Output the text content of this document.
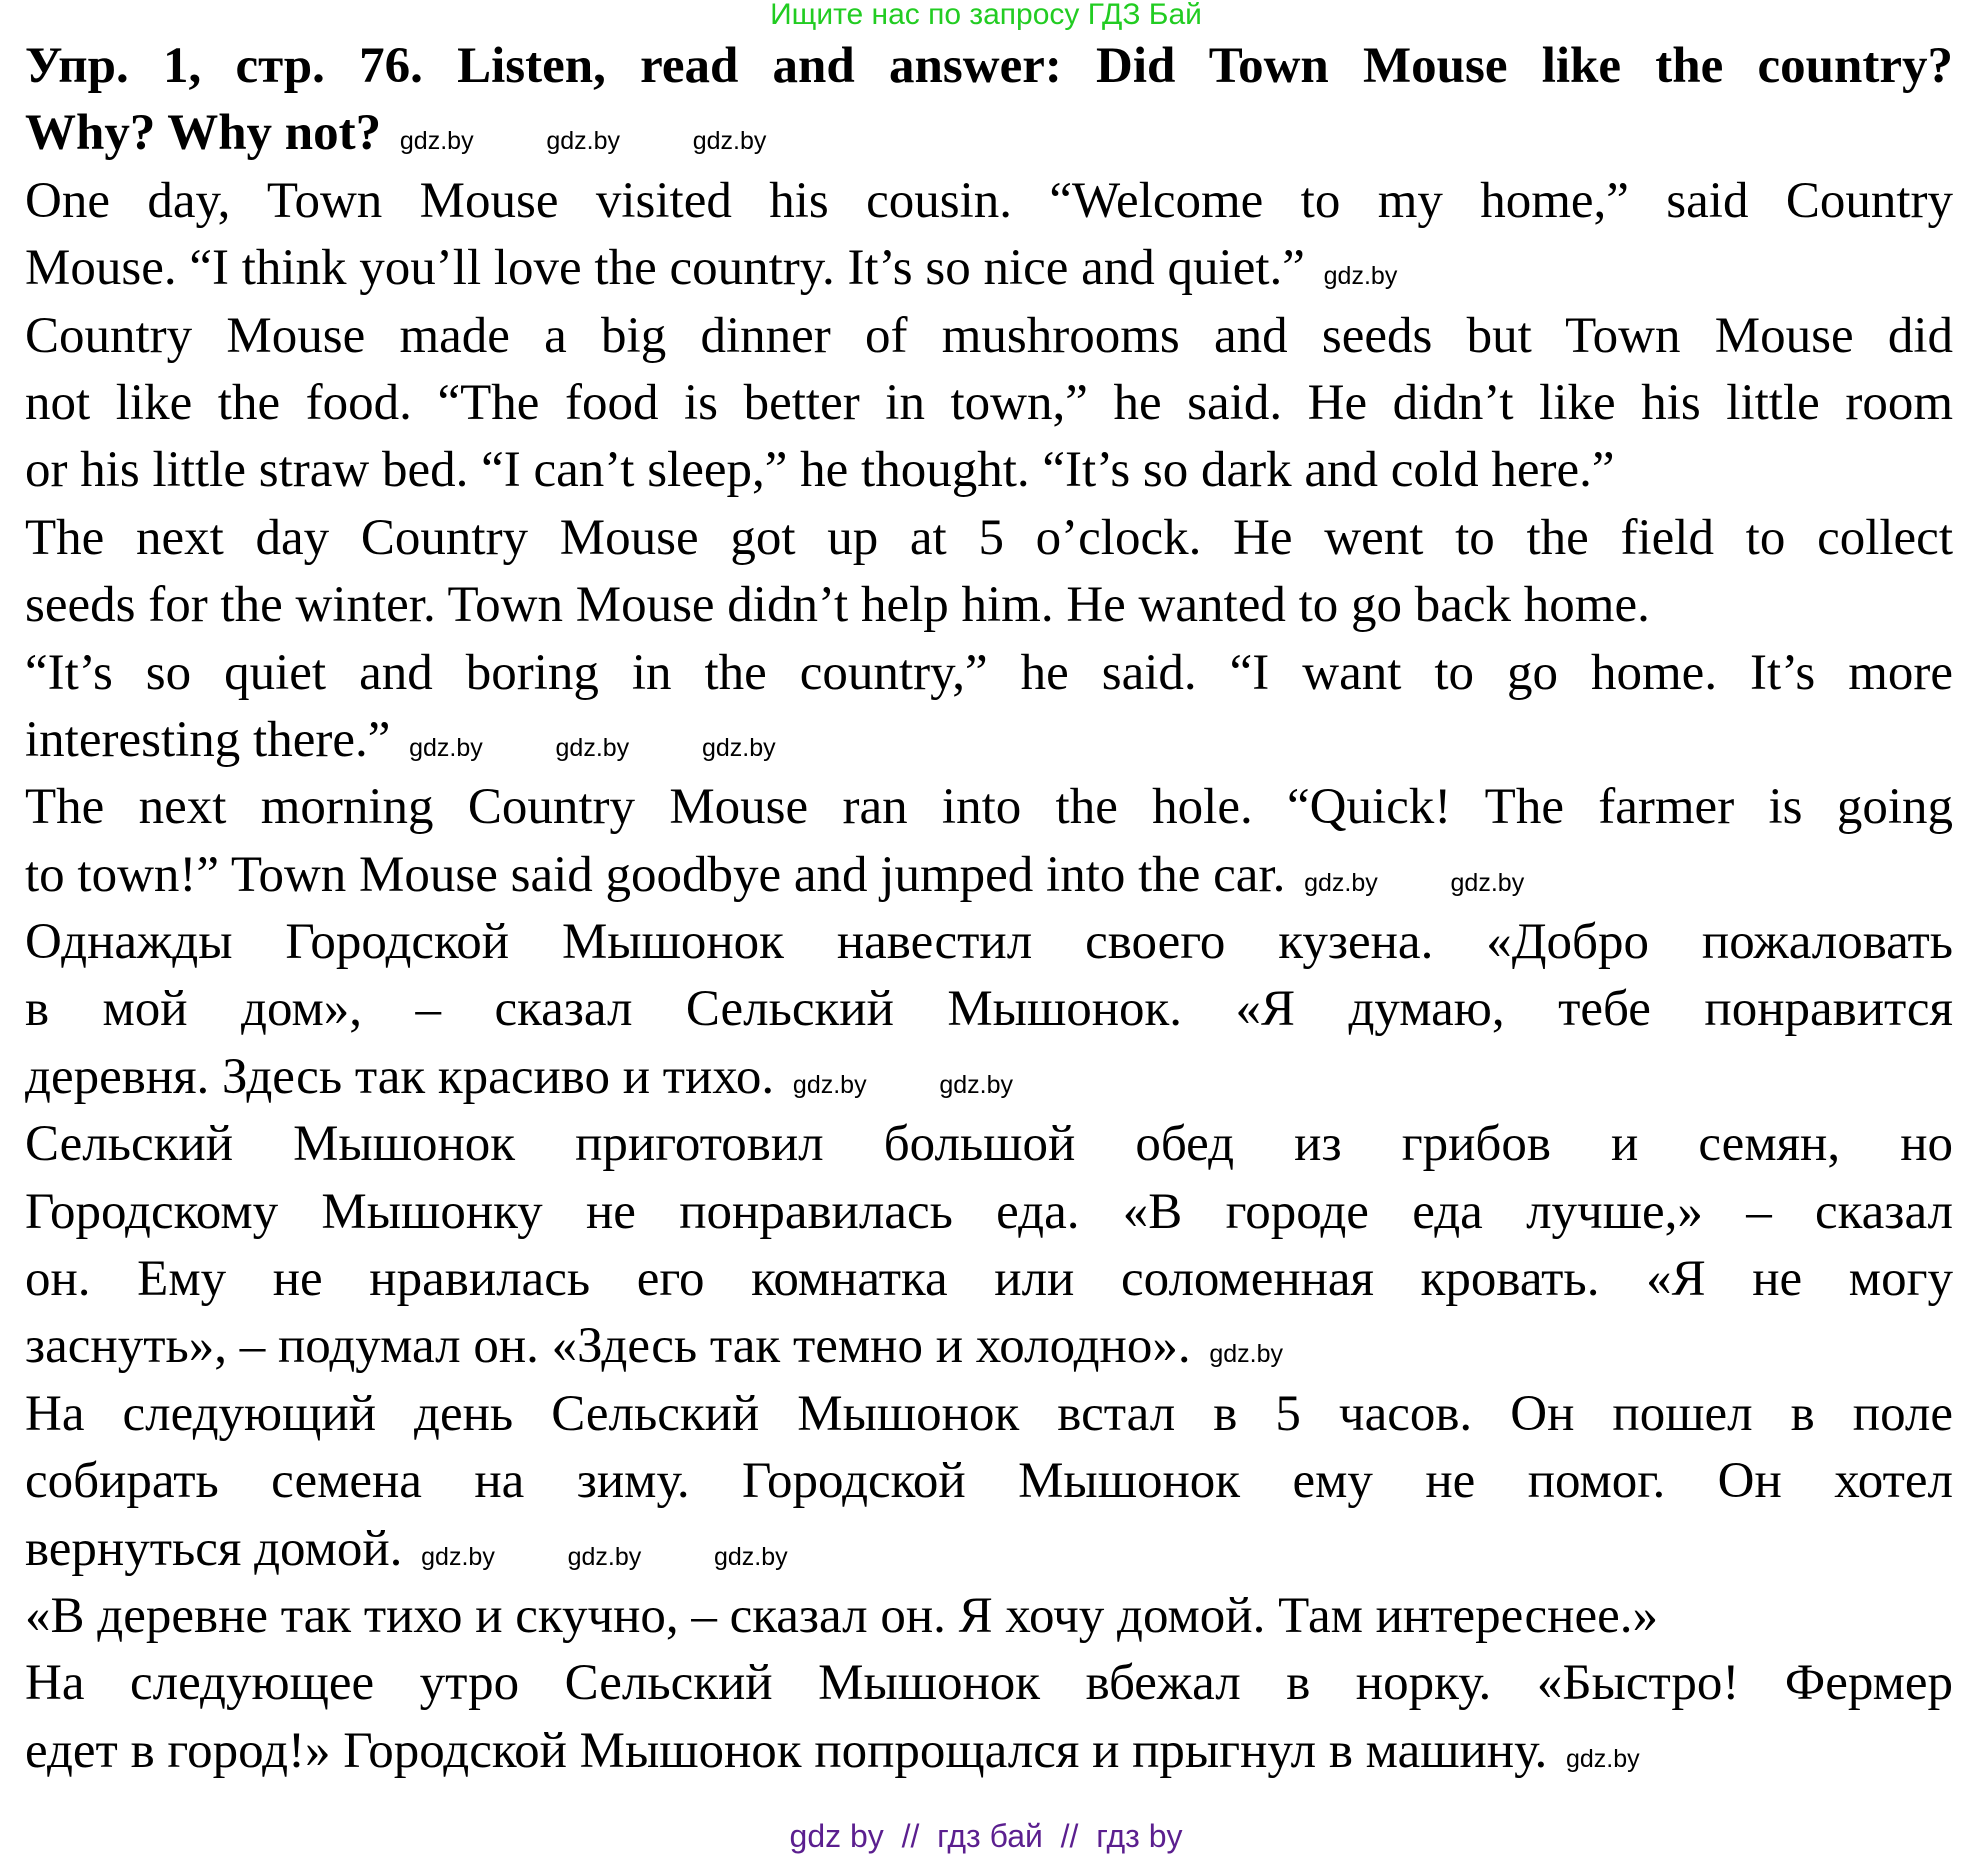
Ищите нас по запросу ГДЗ Бай
Упр. 1, стр. 76. Listen, read and answer: Did Town Mouse like the country?
Why? Why not? gdz.by	gdz.by	gdz.by
One day, Town Mouse visited his cousin. “Welcome to my home,” said Country
Mouse. “I think you’ll love the country. It’s so nice and quiet.” gdz.by
Country Mouse made a big dinner of mushrooms and seeds but Town Mouse did
not like the food. “The food is better in town,” he said. He didn’t like his little room
or his little straw bed. “I can’t sleep,” he thought. “It’s so dark and cold here.”
The next day Country Mouse got up at 5 o’clock. He went to the field to collect
seeds for the winter. Town Mouse didn’t help him. He wanted to go back home.
“It’s so quiet and boring in the country,” he said. “I want to go home. It’s more
interesting there.” gdz.by	gdz.by	gdz.by
The next morning Country Mouse ran into the hole. “Quick! The farmer is going
to town!” Town Mouse said goodbye and jumped into the car. gdz.by	gdz.by
Однажды Городской Мышонок навестил своего кузена. «Добро пожаловать
в мой дом», – сказал Сельский Мышонок. «Я думаю, тебе понравится
деревня. Здесь так красиво и тихо. gdz.by	gdz.by
Сельский Мышонок приготовил большой обед из грибов и семян, но
Городскому Мышонку не понравилась еда. «В городе еда лучше,» – сказал
он. Ему не нравилась его комнатка или соломенная кровать. «Я не могу
заснуть», – подумал он. «Здесь так темно и холодно». gdz.by
На следующий день Сельский Мышонок встал в 5 часов. Он пошел в поле
собирать семена на зиму. Городской Мышонок ему не помог. Он хотел
вернуться домой. gdz.by	gdz.by	gdz.by
«В деревне так тихо и скучно, – сказал он. Я хочу домой. Там интереснее.»
На следующее утро Сельский Мышонок вбежал в норку. «Быстро! Фермер
едет в город!» Городской Мышонок попрощался и прыгнул в машину. gdz.by
gdz by  //  гдз бай  //  гдз by
